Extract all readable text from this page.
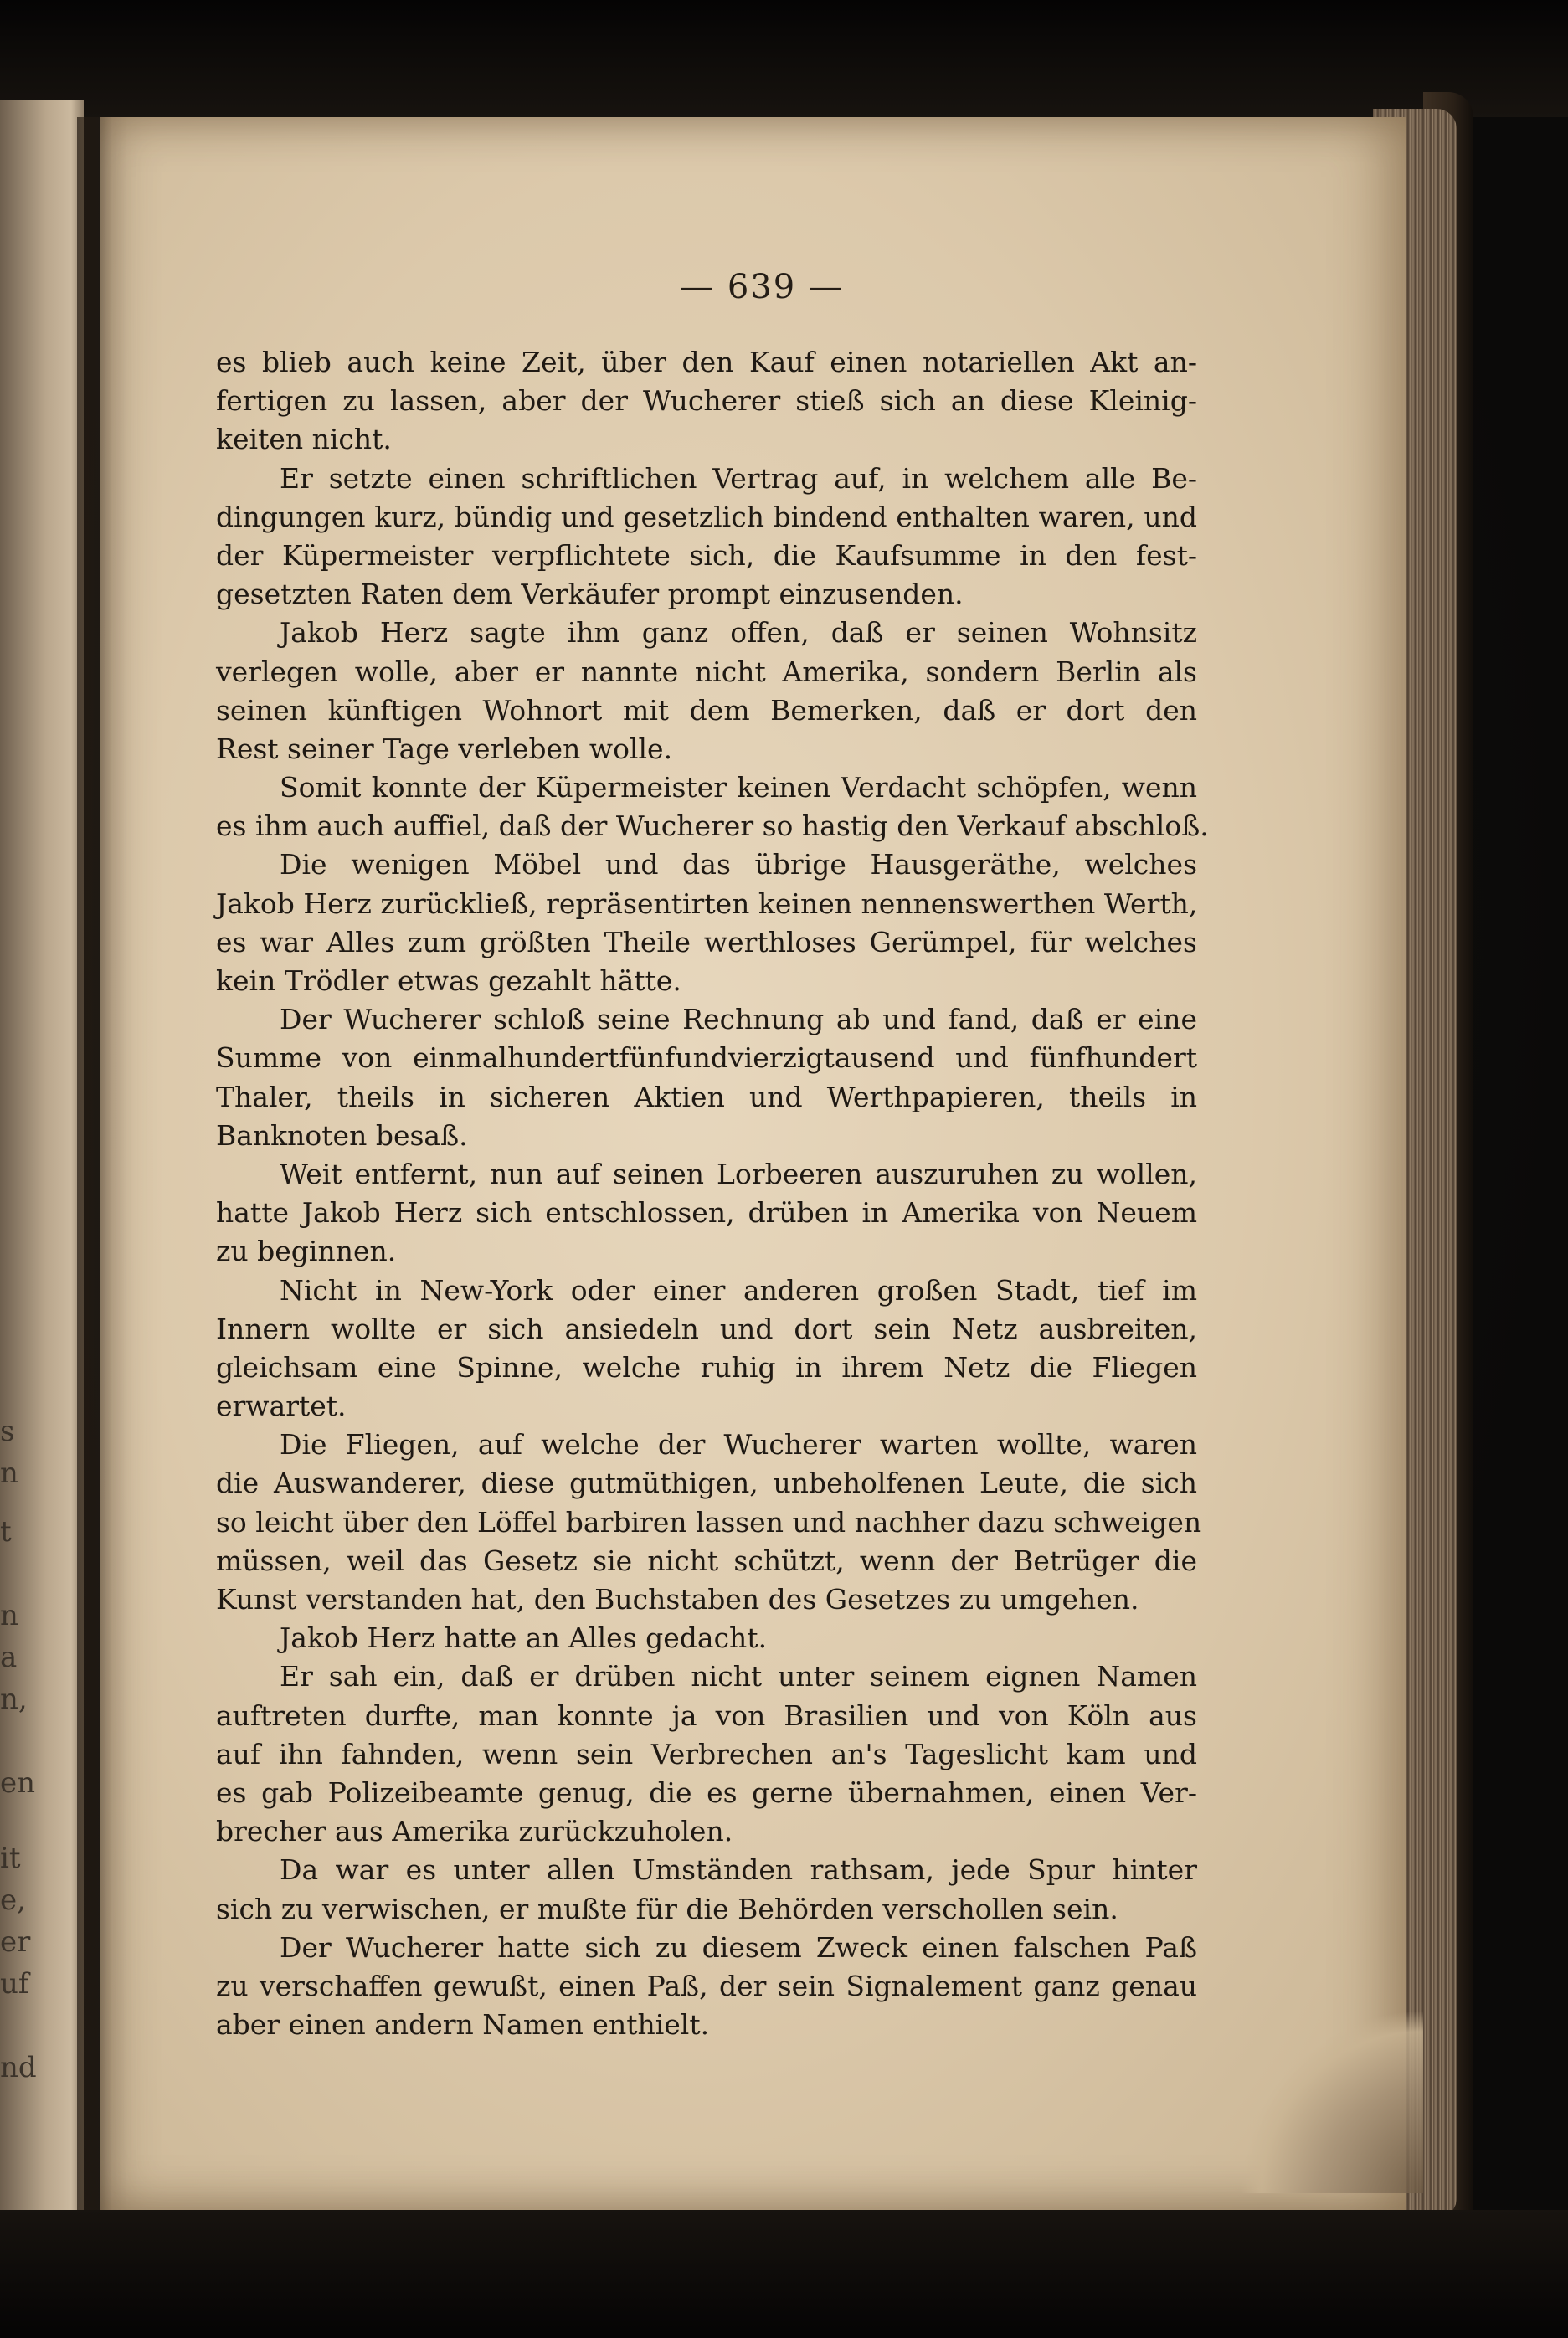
s
n
t
n
a
n,
en
it
e,
er
uf
nd

— 639 —

es blieb auch keine Zeit, über den Kauf einen notariellen Akt an-
fertigen zu lassen, aber der Wucherer stieß sich an diese Kleinig-
keiten nicht.
Er setzte einen schriftlichen Vertrag auf, in welchem alle Be-
dingungen kurz, bündig und gesetzlich bindend enthalten waren, und
der Küpermeister verpflichtete sich, die Kaufsumme in den fest-
gesetzten Raten dem Verkäufer prompt einzusenden.
Jakob Herz sagte ihm ganz offen, daß er seinen Wohnsitz
verlegen wolle, aber er nannte nicht Amerika, sondern Berlin als
seinen künftigen Wohnort mit dem Bemerken, daß er dort den
Rest seiner Tage verleben wolle.
Somit konnte der Küpermeister keinen Verdacht schöpfen, wenn
es ihm auch auffiel, daß der Wucherer so hastig den Verkauf abschloß.
Die wenigen Möbel und das übrige Hausgeräthe, welches
Jakob Herz zurückließ, repräsentirten keinen nennenswerthen Werth,
es war Alles zum größten Theile werthloses Gerümpel, für welches
kein Trödler etwas gezahlt hätte.
Der Wucherer schloß seine Rechnung ab und fand, daß er eine
Summe von einmalhundertfünfundvierzigtausend und fünfhundert
Thaler, theils in sicheren Aktien und Werthpapieren, theils in
Banknoten besaß.
Weit entfernt, nun auf seinen Lorbeeren auszuruhen zu wollen,
hatte Jakob Herz sich entschlossen, drüben in Amerika von Neuem
zu beginnen.
Nicht in New-York oder einer anderen großen Stadt, tief im
Innern wollte er sich ansiedeln und dort sein Netz ausbreiten,
gleichsam eine Spinne, welche ruhig in ihrem Netz die Fliegen
erwartet.
Die Fliegen, auf welche der Wucherer warten wollte, waren
die Auswanderer, diese gutmüthigen, unbeholfenen Leute, die sich
so leicht über den Löffel barbiren lassen und nachher dazu schweigen
müssen, weil das Gesetz sie nicht schützt, wenn der Betrüger die
Kunst verstanden hat, den Buchstaben des Gesetzes zu umgehen.
Jakob Herz hatte an Alles gedacht.
Er sah ein, daß er drüben nicht unter seinem eignen Namen
auftreten durfte, man konnte ja von Brasilien und von Köln aus
auf ihn fahnden, wenn sein Verbrechen an's Tageslicht kam und
es gab Polizeibeamte genug, die es gerne übernahmen, einen Ver-
brecher aus Amerika zurückzuholen.
Da war es unter allen Umständen rathsam, jede Spur hinter
sich zu verwischen, er mußte für die Behörden verschollen sein.
Der Wucherer hatte sich zu diesem Zweck einen falschen Paß
zu verschaffen gewußt, einen Paß, der sein Signalement ganz genau
aber einen andern Namen enthielt.
